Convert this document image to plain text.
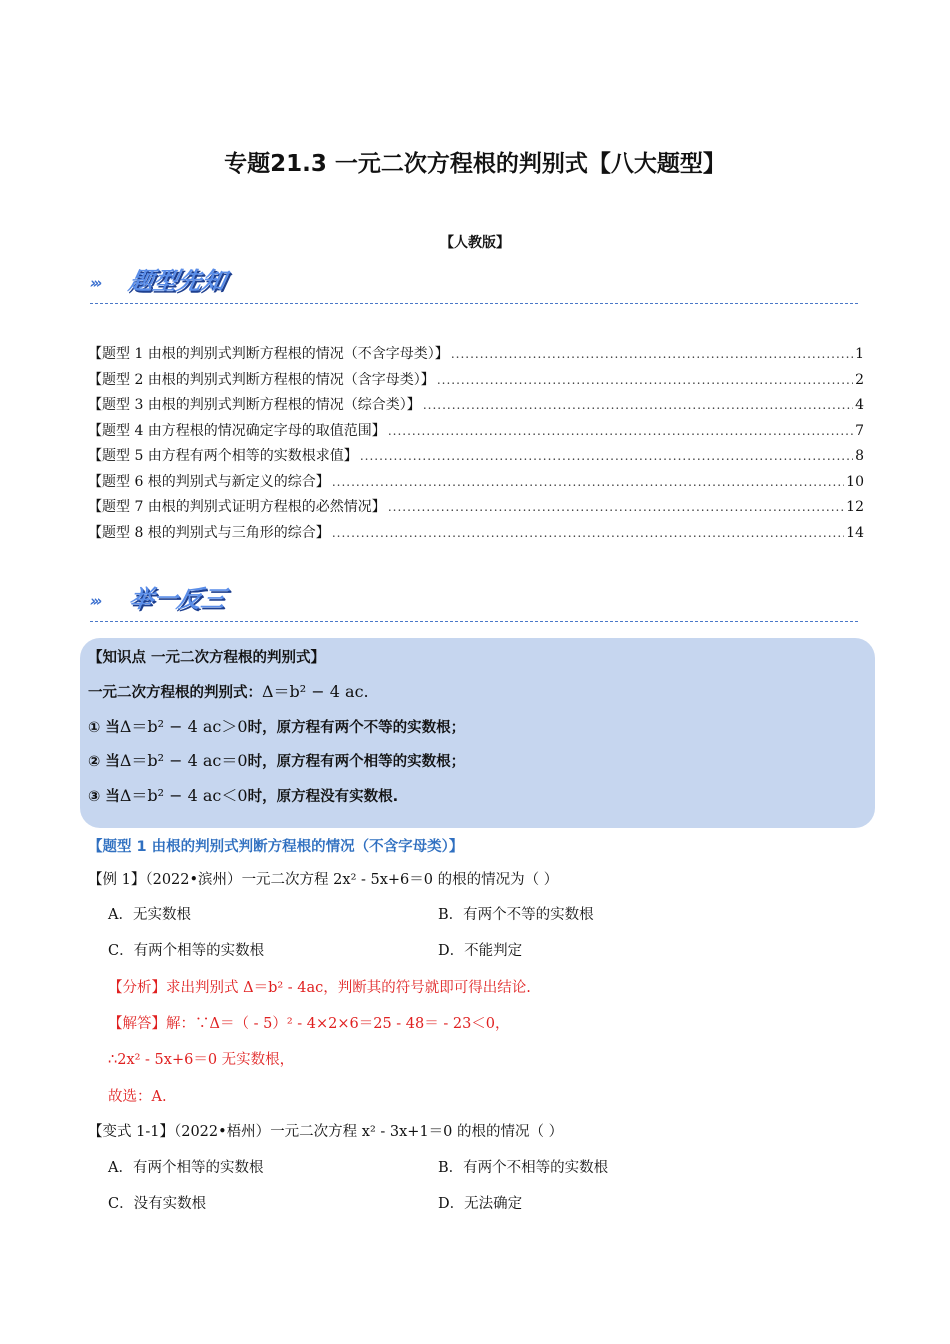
专题21.3 一元二次方程根的判别式【八大题型】
【人教版】
››› 题型先知
【题型 1 由根的判别式判断方程根的情况（不含字母类）】 .....	1
【题型 2 由根的判别式判断方程根的情况（含字母类）】 .....	2
【题型 3 由根的判别式判断方程根的情况（综合类）】 .....	4
【题型 4 由方程根的情况确定字母的取值范围】 .....	7
【题型 5 由方程有两个相等的实数根求值】 .....	8
【题型 6 根的判别式与新定义的综合】 .....	10
【题型 7 由根的判别式证明方程根的必然情况】 .....	12
【题型 8 根的判别式与三角形的综合】 .....	14
››› 举一反三
【知识点 一元二次方程根的判别式】
一元二次方程根的判别式：Δ＝b² − 4 ac.
① 当Δ＝b² − 4 ac＞0时，原方程有两个不等的实数根；
② 当Δ＝b² − 4 ac＝0时，原方程有两个相等的实数根；
③ 当Δ＝b² − 4 ac＜0时，原方程没有实数根.
【题型 1 由根的判别式判断方程根的情况（不含字母类）】
【例 1】（2022•滨州）一元二次方程 2x² - 5x+6＝0 的根的情况为（ ）
A．无实数根	B．有两个不等的实数根
C．有两个相等的实数根	D．不能判定
【分析】求出判别式 Δ＝b² - 4ac，判断其的符号就即可得出结论.
【解答】解：∵Δ＝（ - 5）² - 4×2×6＝25 - 48＝ - 23＜0，
∴2x² - 5x+6＝0 无实数根，
故选：A.
【变式 1-1】（2022•梧州）一元二次方程 x² - 3x+1＝0 的根的情况（ ）
A．有两个相等的实数根	B．有两个不相等的实数根
C．没有实数根	D．无法确定
